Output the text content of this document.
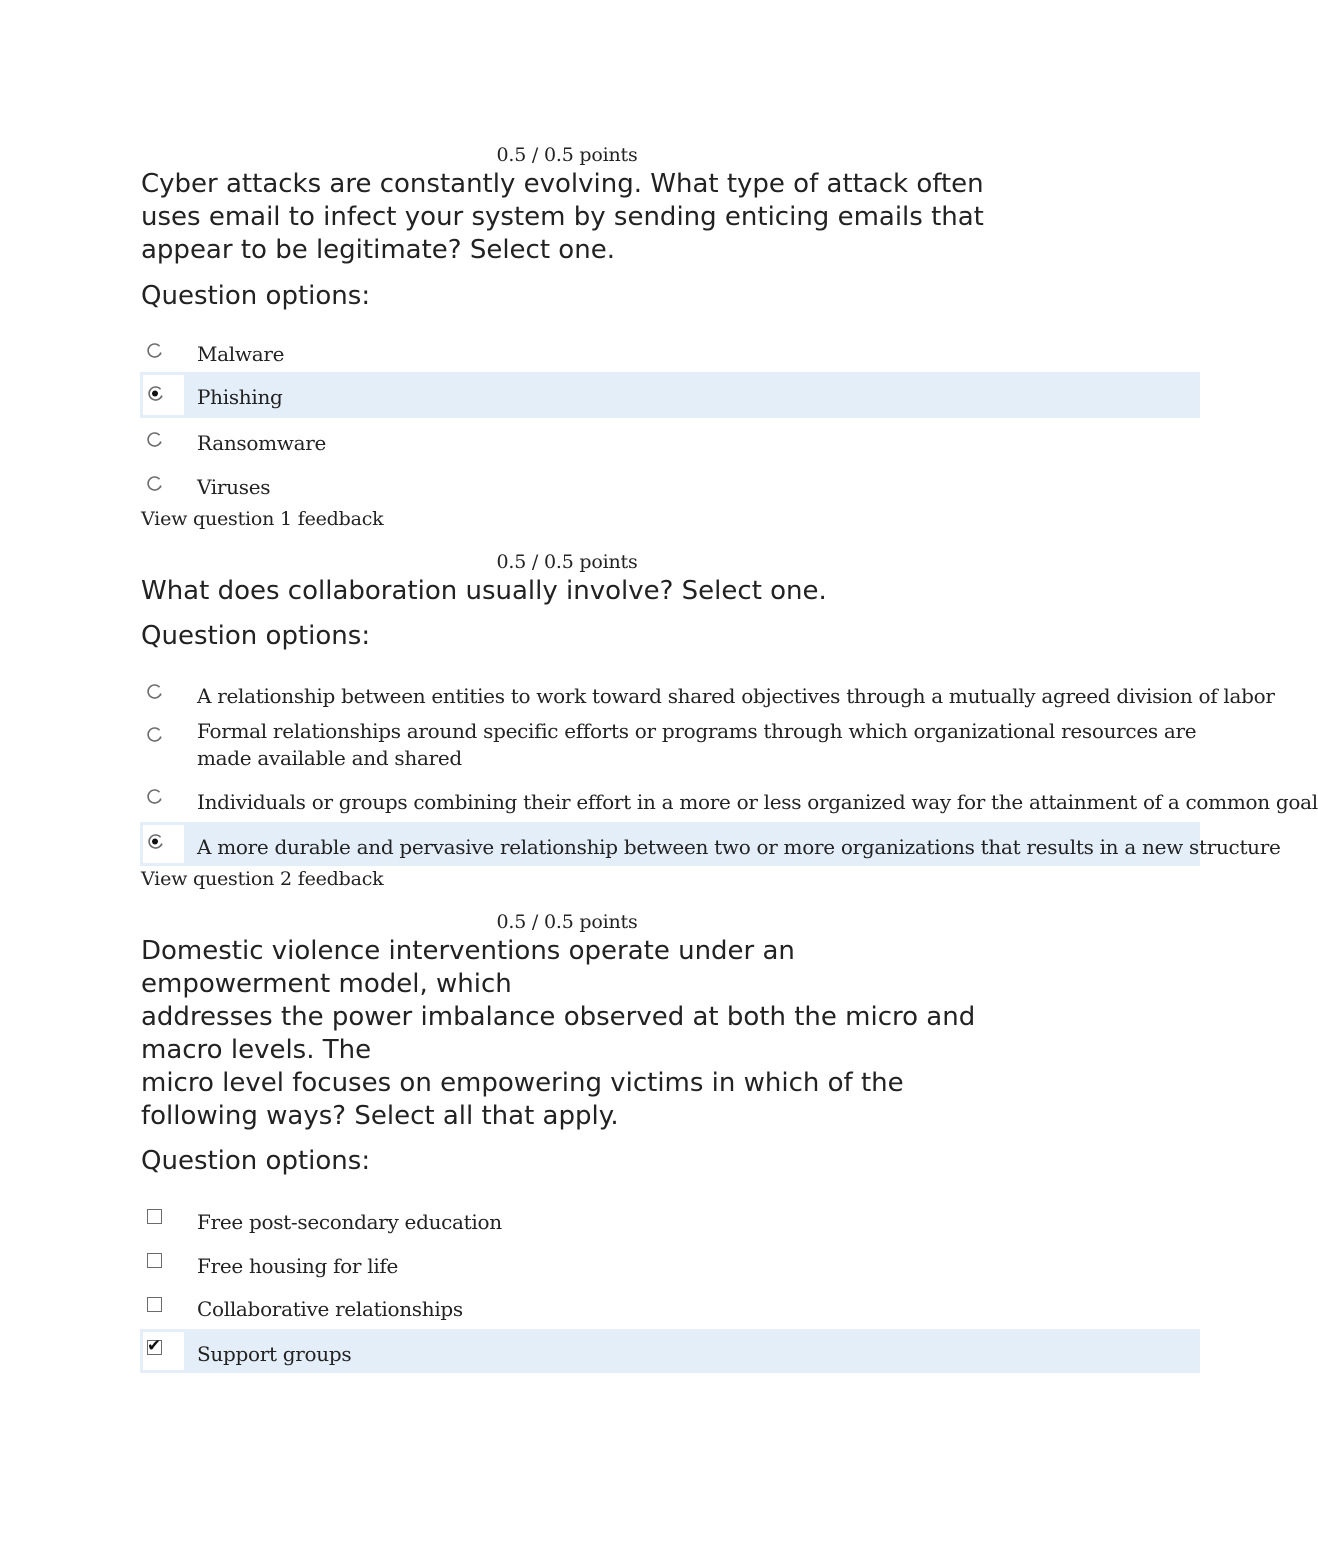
0.5 / 0.5 points
Cyber attacks are constantly evolving. What type of attack often uses email to infect your system by sending enticing emails that appear to be legitimate? Select one.
Question options:
Malware
Phishing
Ransomware
Viruses
View question 1 feedback
0.5 / 0.5 points
What does collaboration usually involve? Select one.
Question options:
A relationship between entities to work toward shared objectives through a mutually agreed division of labor
Formal relationships around specific efforts or programs through which organizational resources are made available and shared
Individuals or groups combining their effort in a more or less organized way for the attainment of a common goal
A more durable and pervasive relationship between two or more organizations that results in a new structure
View question 2 feedback
0.5 / 0.5 points
Domestic violence interventions operate under an empowerment model, which
addresses the power imbalance observed at both the micro and macro levels. The
micro level focuses on empowering victims in which of the following ways? Select all that apply.
Question options:
Free post-secondary education
Free housing for life
Collaborative relationships
✔ Support groups
